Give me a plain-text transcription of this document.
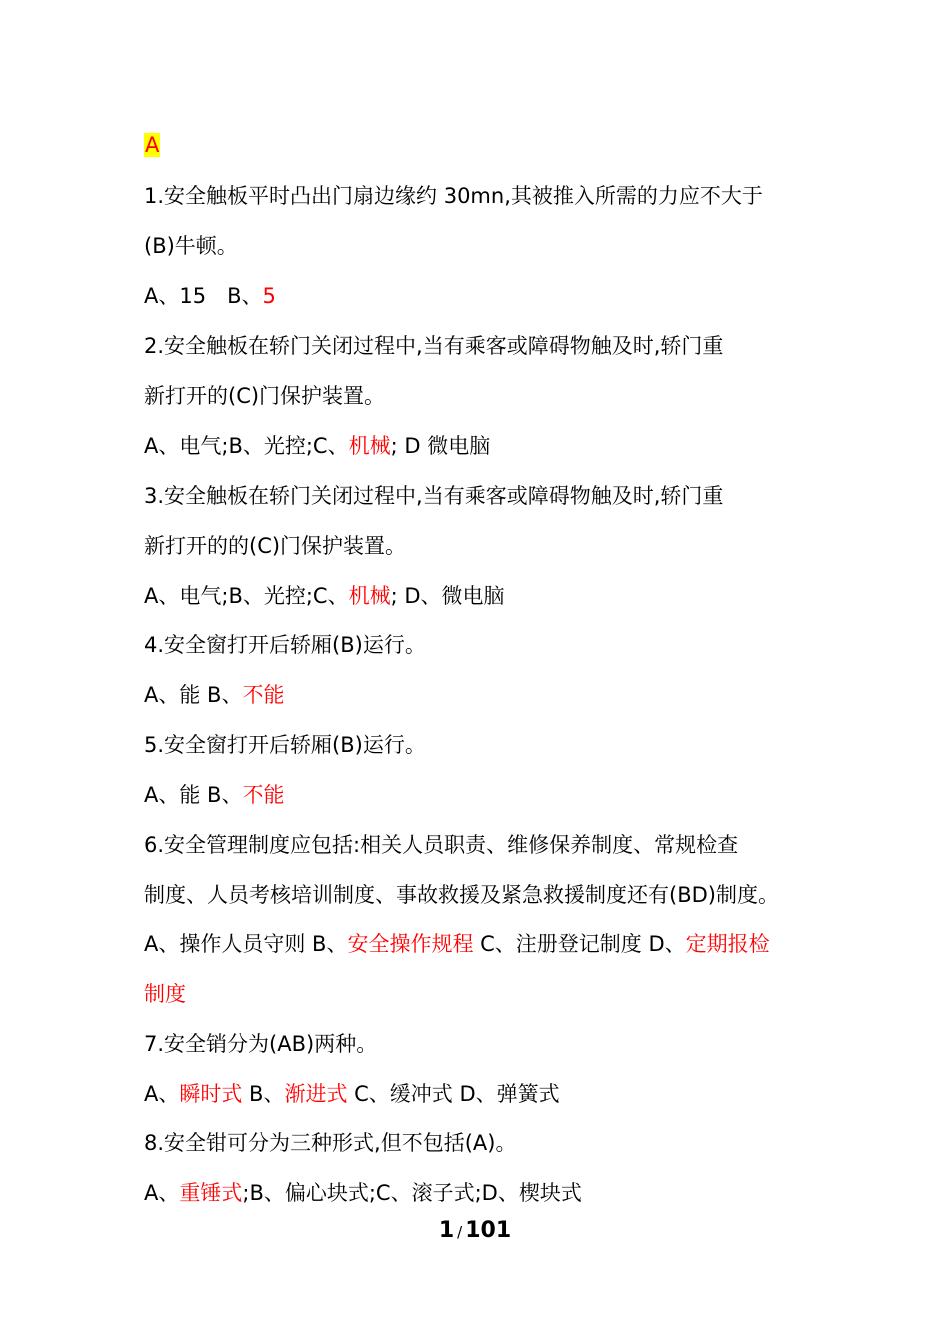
A
1.安全触板平时凸出门扇边缘约 30mn,其被推入所需的力应不大于
(B)牛顿。
A、15　B、5
2.安全触板在轿门关闭过程中,当有乘客或障碍物触及时,轿门重
新打开的(C)门保护装置。
A、电气;B、光控;C、机械; D 微电脑
3.安全触板在轿门关闭过程中,当有乘客或障碍物触及时,轿门重
新打开的的(C)门保护装置。
A、电气;B、光控;C、机械; D、微电脑
4.安全窗打开后轿厢(B)运行。
A、能 B、不能
5.安全窗打开后轿厢(B)运行。
A、能 B、不能
6.安全管理制度应包括:相关人员职责、维修保养制度、常规检查
制度、人员考核培训制度、事故救援及紧急救援制度还有(BD)制度。
A、操作人员守则 B、安全操作规程 C、注册登记制度 D、定期报检
制度
7.安全销分为(AB)两种。
A、瞬时式 B、渐进式 C、缓冲式 D、弹簧式
8.安全钳可分为三种形式,但不包括(A)。
A、重锤式;B、偏心块式;C、滚子式;D、楔块式
1 / 101
